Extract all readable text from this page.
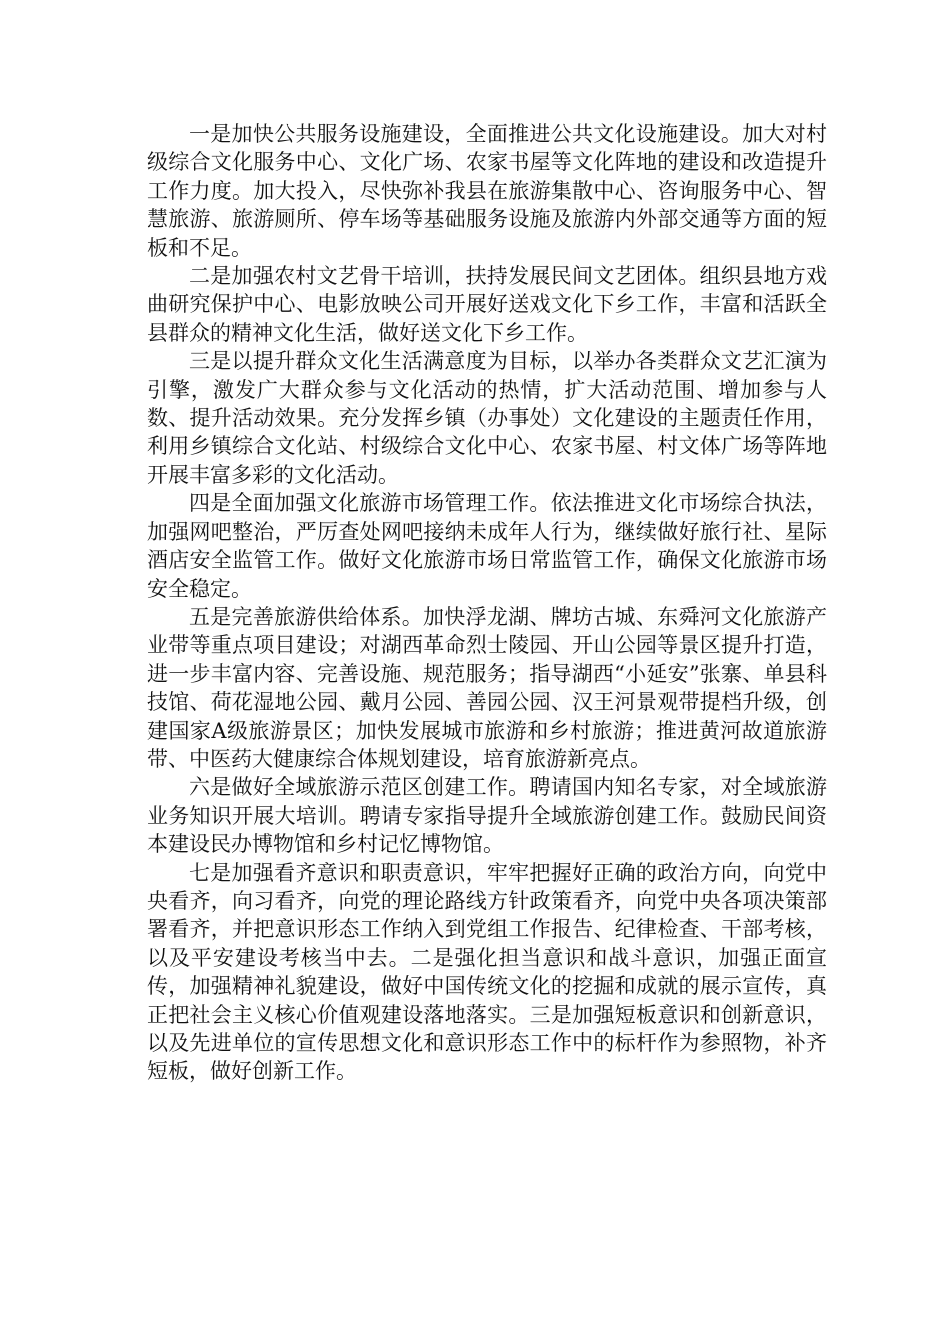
一是加快公共服务设施建设，全面推进公共文化设施建设。加大对村级综合文化服务中心、文化广场、农家书屋等文化阵地的建设和改造提升工作力度。加大投入，尽快弥补我县在旅游集散中心、咨询服务中心、智慧旅游、旅游厕所、停车场等基础服务设施及旅游内外部交通等方面的短板和不足。

二是加强农村文艺骨干培训，扶持发展民间文艺团体。组织县地方戏曲研究保护中心、电影放映公司开展好送戏文化下乡工作，丰富和活跃全县群众的精神文化生活，做好送文化下乡工作。

三是以提升群众文化生活满意度为目标，以举办各类群众文艺汇演为引擎，激发广大群众参与文化活动的热情，扩大活动范围、增加参与人数、提升活动效果。充分发挥乡镇（办事处）文化建设的主题责任作用，利用乡镇综合文化站、村级综合文化中心、农家书屋、村文体广场等阵地开展丰富多彩的文化活动。

四是全面加强文化旅游市场管理工作。依法推进文化市场综合执法，加强网吧整治，严厉查处网吧接纳未成年人行为，继续做好旅行社、星际酒店安全监管工作。做好文化旅游市场日常监管工作，确保文化旅游市场安全稳定。

五是完善旅游供给体系。加快浮龙湖、牌坊古城、东舜河文化旅游产业带等重点项目建设；对湖西革命烈士陵园、开山公园等景区提升打造，进一步丰富内容、完善设施、规范服务；指导湖西“小延安”张寨、单县科技馆、荷花湿地公园、戴月公园、善园公园、汉王河景观带提档升级，创建国家A级旅游景区；加快发展城市旅游和乡村旅游；推进黄河故道旅游带、中医药大健康综合体规划建设，培育旅游新亮点。

六是做好全域旅游示范区创建工作。聘请国内知名专家，对全域旅游业务知识开展大培训。聘请专家指导提升全域旅游创建工作。鼓励民间资本建设民办博物馆和乡村记忆博物馆。

七是加强看齐意识和职责意识，牢牢把握好正确的政治方向，向党中央看齐，向习看齐，向党的理论路线方针政策看齐，向党中央各项决策部署看齐，并把意识形态工作纳入到党组工作报告、纪律检查、干部考核，以及平安建设考核当中去。二是强化担当意识和战斗意识，加强正面宣传，加强精神礼貌建设，做好中国传统文化的挖掘和成就的展示宣传，真正把社会主义核心价值观建设落地落实。三是加强短板意识和创新意识，以及先进单位的宣传思想文化和意识形态工作中的标杆作为参照物，补齐短板，做好创新工作。
